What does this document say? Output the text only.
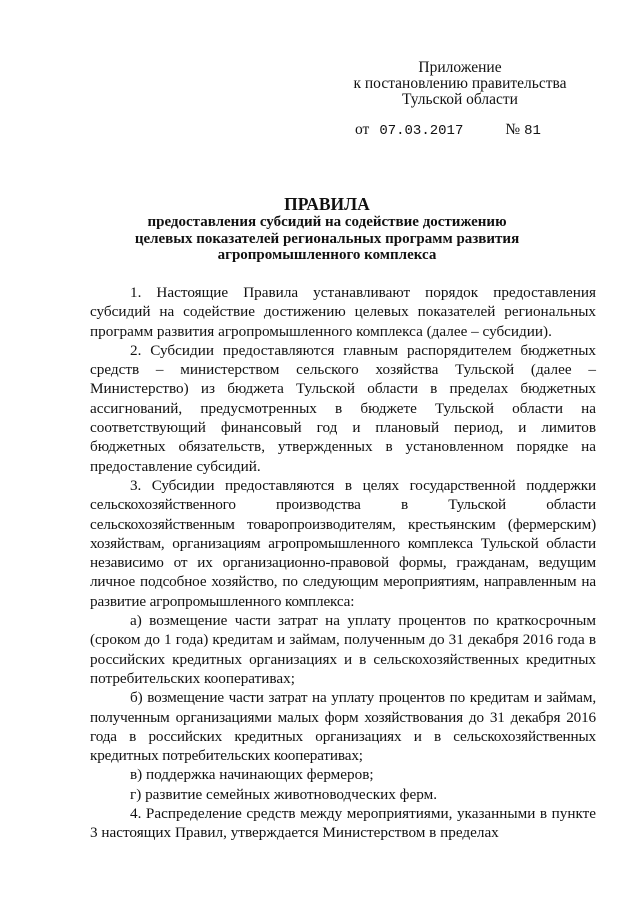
Приложение
к постановлению правительства
Тульской области
от 07.03.2017	№ 81
ПРАВИЛА
предоставления субсидий на содействие достижению
целевых показателей региональных программ развития
агропромышленного комплекса

1. Настоящие Правила устанавливают порядок предоставления субсидий на содействие достижению целевых показателей региональных программ развития агропромышленного комплекса (далее – субсидии).

2. Субсидии предоставляются главным распорядителем бюджетных средств – министерством сельского хозяйства Тульской (далее – Министерство) из бюджета Тульской области в пределах бюджетных ассигнований, предусмотренных в бюджете Тульской области на соответствующий финансовый год и плановый период, и лимитов бюджетных обязательств, утвержденных в установленном порядке на предоставление субсидий.

3. Субсидии предоставляются в целях государственной поддержки сельскохозяйственного производства в Тульской области сельскохозяйственным товаропроизводителям, крестьянским (фермерским) хозяйствам, организациям агропромышленного комплекса Тульской области независимо от их организационно-правовой формы, гражданам, ведущим личное подсобное хозяйство, по следующим мероприятиям, направленным на развитие агропромышленного комплекса:

а) возмещение части затрат на уплату процентов по краткосрочным (сроком до 1 года) кредитам и займам, полученным до 31 декабря 2016 года в российских кредитных организациях и в сельскохозяйственных кредитных потребительских кооперативах;

б) возмещение части затрат на уплату процентов по кредитам и займам, полученным организациями малых форм хозяйствования до 31 декабря 2016 года в российских кредитных организациях и в сельскохозяйственных кредитных потребительских кооперативах;

в) поддержка начинающих фермеров;

г) развитие семейных животноводческих ферм.

4. Распределение средств между мероприятиями, указанными в пункте 3 настоящих Правил, утверждается Министерством в пределах
